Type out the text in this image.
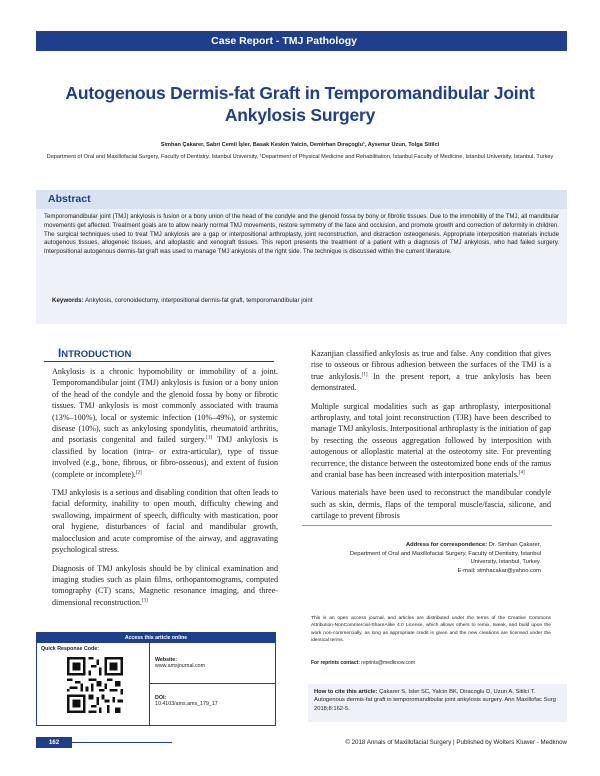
Case Report - TMJ Pathology
Autogenous Dermis-fat Graft in Temporomandibular Joint Ankylosis Surgery
Simhan Çakarer, Sabri Cemil İşler, Basak Keskin Yalcin, Demirhan Dıraçoglu¹, Aysenur Uzun, Tolga Sitilci
Department of Oral and Maxillofacial Surgery, Faculty of Dentistry, Istanbul University, ¹Department of Physical Medicine and Rehabilitation, Istanbul Faculty of Medicine, Istanbul University, Istanbul, Turkey
Abstract
Temporomandibular joint (TMJ) ankylosis is fusion or a bony union of the head of the condyle and the glenoid fossa by bony or fibrotic tissues. Due to the immobility of the TMJ, all mandibular movements get affected. Treatment goals are to allow nearly normal TMJ movements, restore symmetry of the face and occlusion, and promote growth and correction of deformity in children. The surgical techniques used to treat TMJ ankylosis are a gap or interpositional arthroplasty, joint reconstruction, and distraction osteogenesis. Appropriate interposition materials include autogenous tissues, allogeneic tissues, and alloplastic and xenograft tissues. This report presents the treatment of a patient with a diagnosis of TMJ ankylosis, who had failed surgery. Interpositional autogenous dermis-fat graft was used to manage TMJ ankylosis of the right side. The technique is discussed within the current literature.
Keywords: Ankylosis, coronoidectomy, interpositional dermis-fat graft, temporomandibular joint
INTRODUCTION

Ankylosis is a chronic hypomobility or immobility of a joint. Temporomandibular joint (TMJ) ankylosis is fusion or a bony union of the head of the condyle and the glenoid fossa by bony or fibrotic tissues. TMJ ankylosis is most commonly associated with trauma (13%–100%), local or systemic infection (10%–49%), or systemic disease (10%), such as ankylosing spondylitis, rheumatoid arthritis, and psoriasis congenital and failed surgery.[1] TMJ ankylosis is classified by location (intra- or extra-articular), type of tissue involved (e.g., bone, fibrous, or fibro-osseous), and extent of fusion (complete or incomplete).[2]

TMJ ankylosis is a serious and disabling condition that often leads to facial deformity, inability to open mouth, difficulty chewing and swallowing, impairment of speech, difficulty with mastication, poor oral hygiene, disturbances of facial and mandibular growth, malocclusion and acute compromise of the airway, and aggravating psychological stress.

Diagnosis of TMJ ankylosis should be by clinical examination and imaging studies such as plain films, orthopantomograms, computed tomography (CT) scans, Magnetic resonance imaging, and three-dimensional reconstruction.[3]

Kazanjian classified ankylosis as true and false. Any condition that gives rise to osseous or fibrous adhesion between the surfaces of the TMJ is a true ankylosis.[1] In the present report, a true ankylosis has been demonstrated.

Multiple surgical modalities such as gap arthroplasty, interpositional arthroplasty, and total joint reconstruction (TJR) have been described to manage TMJ ankylosis. Interpositional arthroplasty is the initiation of gap by resecting the osseous aggregation followed by interposition with autogenous or alloplastic material at the osteotomy site. For preventing recurrence, the distance between the osteotomized bone ends of the ramus and cranial base has been increased with interposition materials.[4]

Various materials have been used to reconstruct the mandibular condyle such as skin, dermis, flaps of the temporal muscle/fascia, silicone, and cartilage to prevent fibrosis

Address for correspondence: Dr. Simhan Çakarer,
Department of Oral and Maxillofacial Surgery, Faculty of Dentistry, Istanbul
University, Istanbul, Turkey.
E-mail: simhacakar@yahoo.com
This is an open access journal, and articles are distributed under the terms of the Creative Commons Attribution-NonCommercial-ShareAlike 4.0 License, which allows others to remix, tweak, and build upon the work non-commercially, as long as appropriate credit is given and the new creations are licensed under the identical terms.
For reprints contact: reprints@medknow.com
How to cite this article: Çakarer S, Isler SC, Yalcin BK, Diracoglu D, Uzun A, Sitilci T. Autogenous dermis-fat graft in temporomandibular joint ankylosis surgery. Ann Maxillofac Surg 2018;8:162-5.
Access this article online
Quick Response Code:
Website:
www.amsjournal.com
DOI:
10.4103/ams.ams_179_17
162	© 2018 Annals of Maxillofacial Surgery | Published by Wolters Kluwer - Medknow
